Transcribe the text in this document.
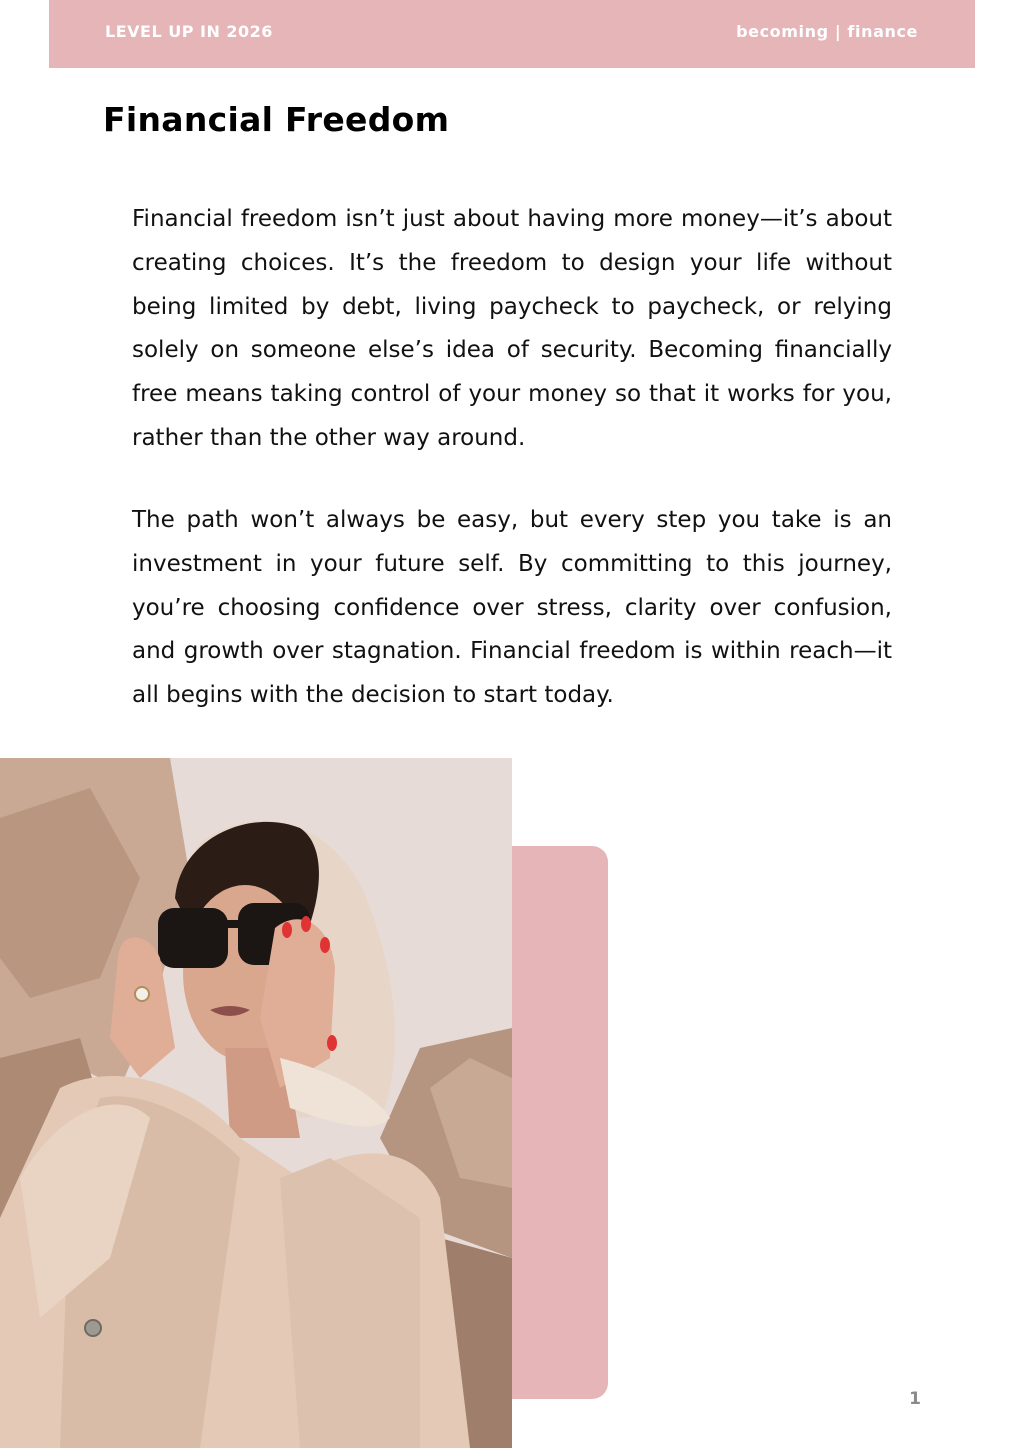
LEVEL UP IN 2026	becoming | finance
Financial Freedom

Financial freedom isn’t just about having more money—it’s about creating choices. It’s the freedom to design your life without being limited by debt, living paycheck to paycheck, or relying solely on someone else’s idea of security. Becoming financially free means taking control of your money so that it works for you, rather than the other way around.

The path won’t always be easy, but every step you take is an investment in your future self. By committing to this journey, you’re choosing confidence over stress, clarity over confusion, and growth over stagnation. Financial freedom is within reach—it all begins with the decision to start today.

1
